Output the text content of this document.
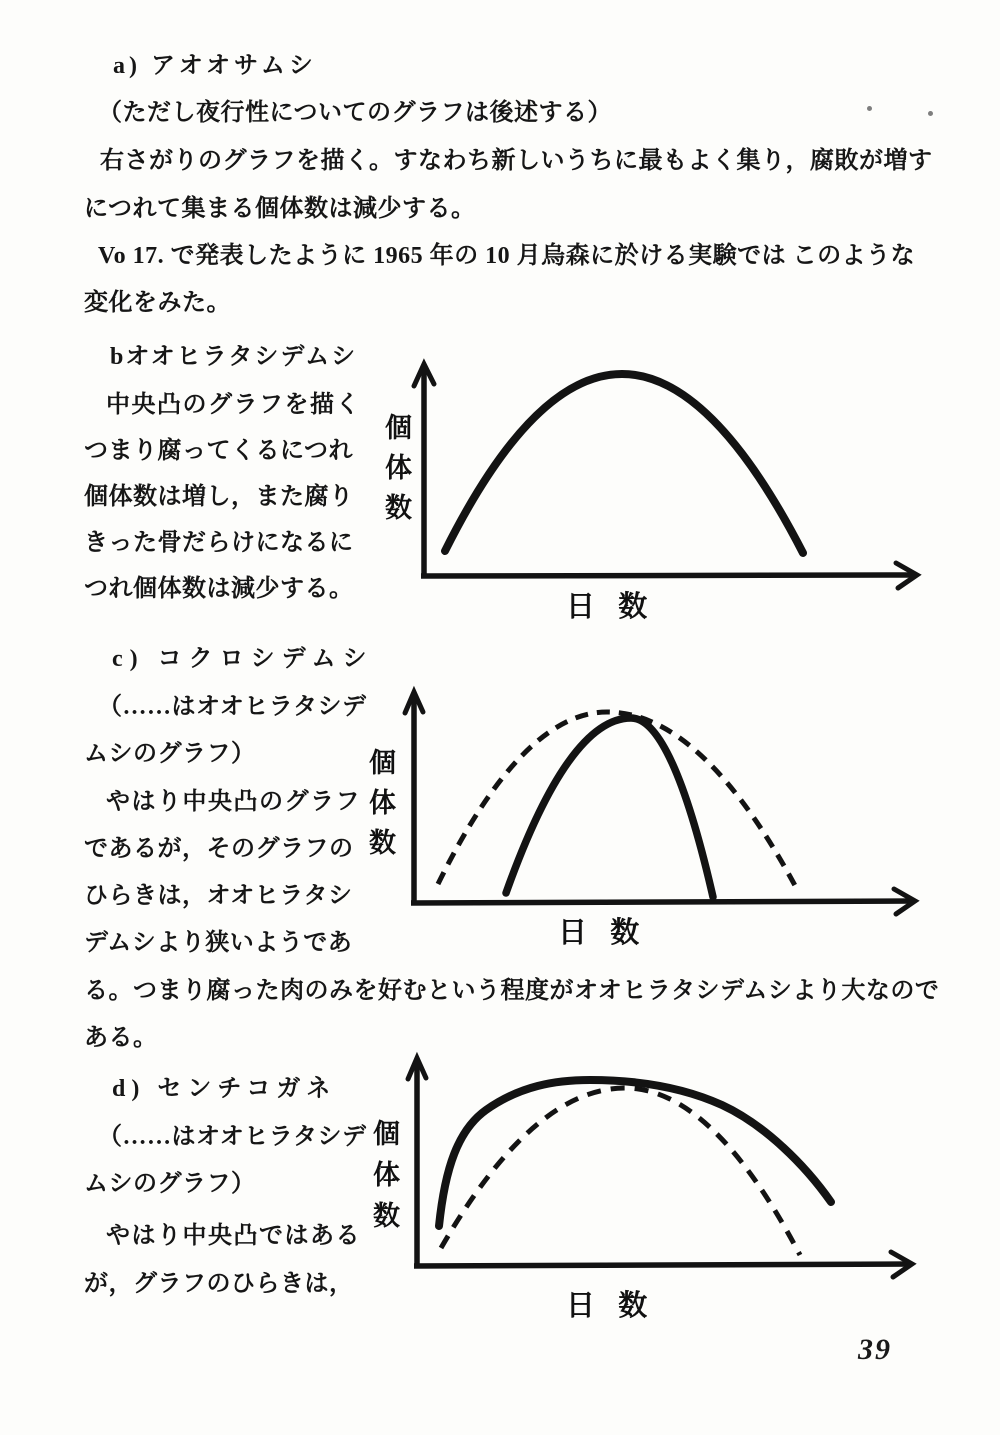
a) アオオサムシ
（ただし夜行性についてのグラフは後述する）
右さがりのグラフを描く。すなわち新しいうちに最もよく集り，腐敗が増す
につれて集まる個体数は減少する。
Vo 17. で発表したように 1965 年の 10 月烏森に於ける実験では このような
変化をみた。
bオオヒラタシデムシ
中央凸のグラフを描く
つまり腐ってくるにつれ
個体数は増し，また腐り
きった骨だらけになるに
つれ個体数は減少する。
個体数
日 数
c) コクロシデムシ
（……はオオヒラタシデ
ムシのグラフ）
やはり中央凸のグラフ
であるが，そのグラフの
ひらきは，オオヒラタシ
デムシより狭いようであ
個体数
日 数
る。つまり腐った肉のみを好むという程度がオオヒラタシデムシより大なので
ある。
d) センチコガネ
（……はオオヒラタシデ
ムシのグラフ）
やはり中央凸ではある
が，グラフのひらきは，
個体数
日 数
39
